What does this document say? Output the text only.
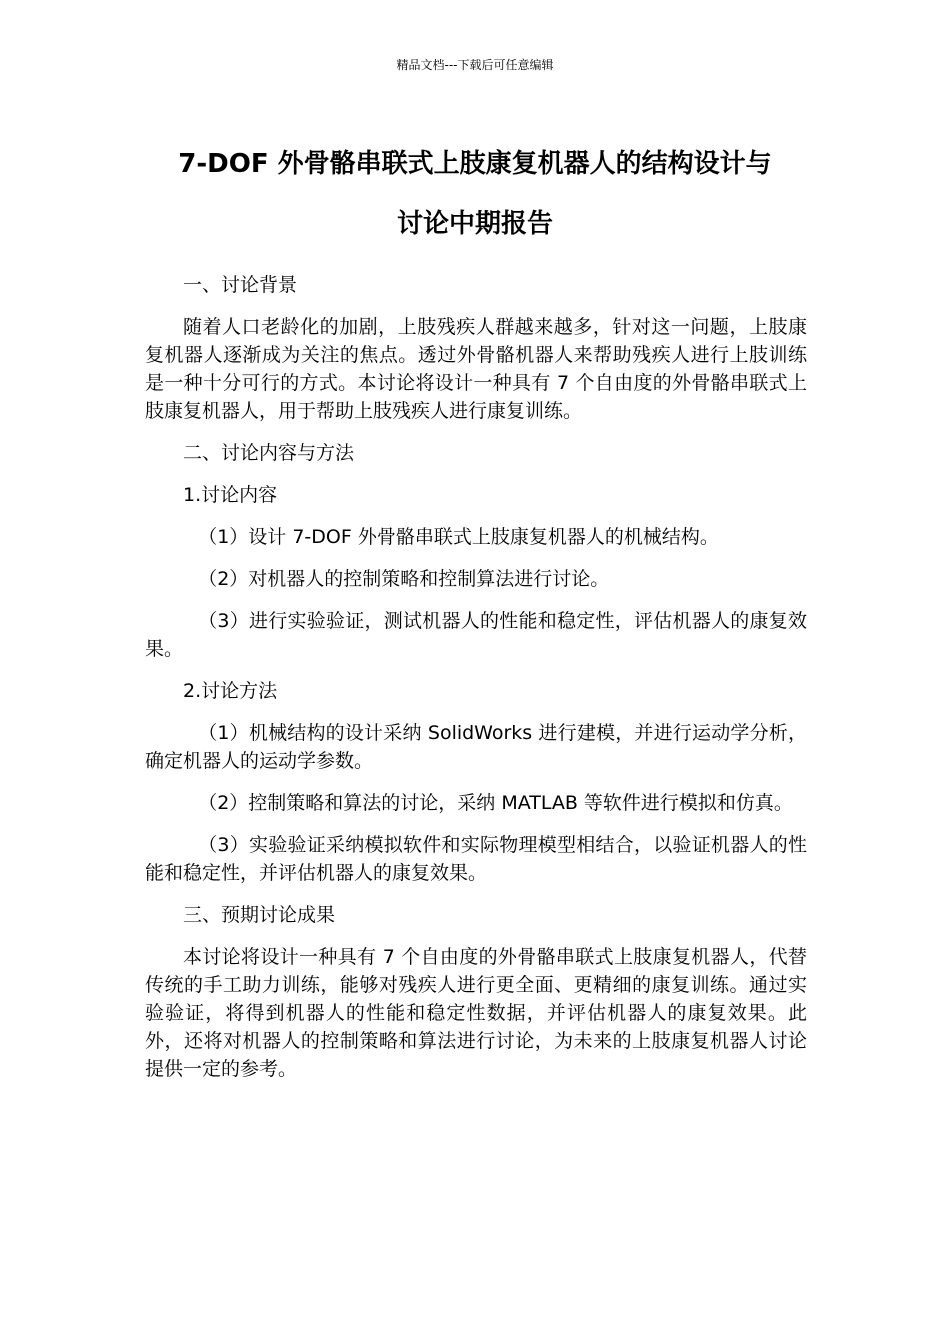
精品文档---下载后可任意编辑
7-DOF 外骨骼串联式上肢康复机器人的结构设计与
讨论中期报告

一、讨论背景

随着人口老龄化的加剧，上肢残疾人群越来越多，针对这一问题，上肢康复机器人逐渐成为关注的焦点。透过外骨骼机器人来帮助残疾人进行上肢训练是一种十分可行的方式。本讨论将设计一种具有 7 个自由度的外骨骼串联式上肢康复机器人，用于帮助上肢残疾人进行康复训练。

二、讨论内容与方法

1.讨论内容

（1）设计 7-DOF 外骨骼串联式上肢康复机器人的机械结构。

（2）对机器人的控制策略和控制算法进行讨论。

（3）进行实验验证，测试机器人的性能和稳定性，评估机器人的康复效果。

2.讨论方法

（1）机械结构的设计采纳 SolidWorks 进行建模，并进行运动学分析，确定机器人的运动学参数。

（2）控制策略和算法的讨论，采纳 MATLAB 等软件进行模拟和仿真。

（3）实验验证采纳模拟软件和实际物理模型相结合，以验证机器人的性能和稳定性，并评估机器人的康复效果。

三、预期讨论成果

本讨论将设计一种具有 7 个自由度的外骨骼串联式上肢康复机器人，代替传统的手工助力训练，能够对残疾人进行更全面、更精细的康复训练。通过实验验证，将得到机器人的性能和稳定性数据，并评估机器人的康复效果。此外，还将对机器人的控制策略和算法进行讨论，为未来的上肢康复机器人讨论提供一定的参考。
